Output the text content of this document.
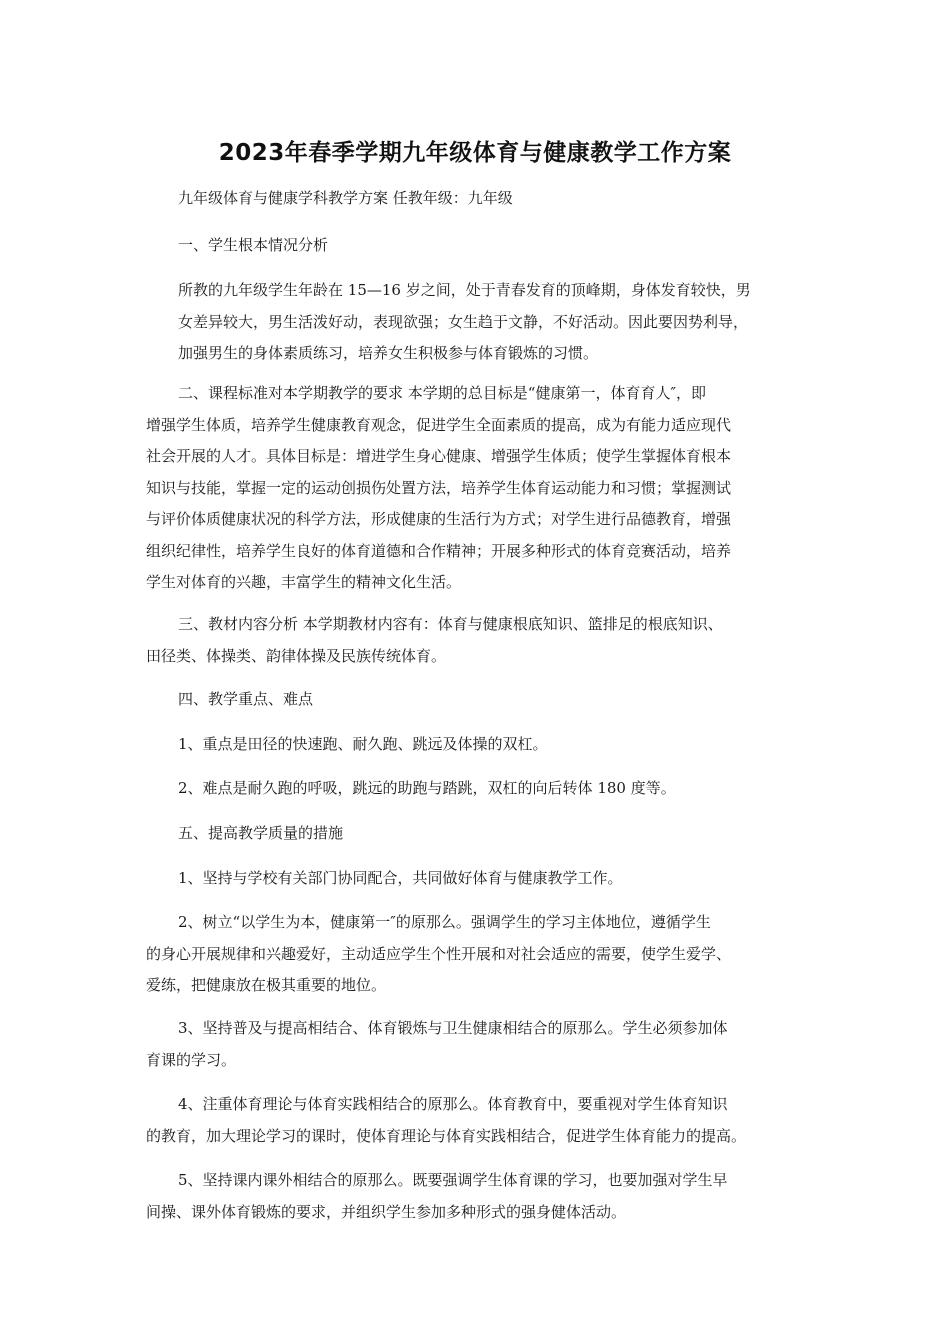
2023年春季学期九年级体育与健康教学工作方案

九年级体育与健康学科教学方案 任教年级：九年级

一、学生根本情况分析

所教的九年级学生年龄在 15—16 岁之间，处于青春发育的顶峰期，身体发育较快，男
女差异较大，男生活泼好动，表现欲强；女生趋于文静，不好活动。因此要因势利导，
加强男生的身体素质练习，培养女生积极参与体育锻炼的习惯。
二、课程标准对本学期教学的要求 本学期的总目标是“健康第一，体育育人″，即
增强学生体质，培养学生健康教育观念，促进学生全面素质的提高，成为有能力适应现代
社会开展的人才。具体目标是：增进学生身心健康、增强学生体质；使学生掌握体育根本
知识与技能，掌握一定的运动创损伤处置方法，培养学生体育运动能力和习惯；掌握测试
与评价体质健康状况的科学方法，形成健康的生活行为方式；对学生进行品德教育，增强
组织纪律性，培养学生良好的体育道德和合作精神；开展多种形式的体育竞赛活动，培养
学生对体育的兴趣，丰富学生的精神文化生活。
三、教材内容分析 本学期教材内容有：体育与健康根底知识、篮排足的根底知识、
田径类、体操类、韵律体操及民族传统体育。

四、教学重点、难点

1、重点是田径的快速跑、耐久跑、跳远及体操的双杠。

2、难点是耐久跑的呼吸，跳远的助跑与踏跳，双杠的向后转体 180 度等。

五、提高教学质量的措施

1、坚持与学校有关部门协同配合，共同做好体育与健康教学工作。

2、树立“以学生为本，健康第一″的原那么。强调学生的学习主体地位，遵循学生
的身心开展规律和兴趣爱好，主动适应学生个性开展和对社会适应的需要，使学生爱学、
爱练，把健康放在极其重要的地位。
3、坚持普及与提高相结合、体育锻炼与卫生健康相结合的原那么。学生必须参加体
育课的学习。
4、注重体育理论与体育实践相结合的原那么。体育教育中，要重视对学生体育知识
的教育，加大理论学习的课时，使体育理论与体育实践相结合，促进学生体育能力的提高。
5、坚持课内课外相结合的原那么。既要强调学生体育课的学习，也要加强对学生早
间操、课外体育锻炼的要求，并组织学生参加多种形式的强身健体活动。
